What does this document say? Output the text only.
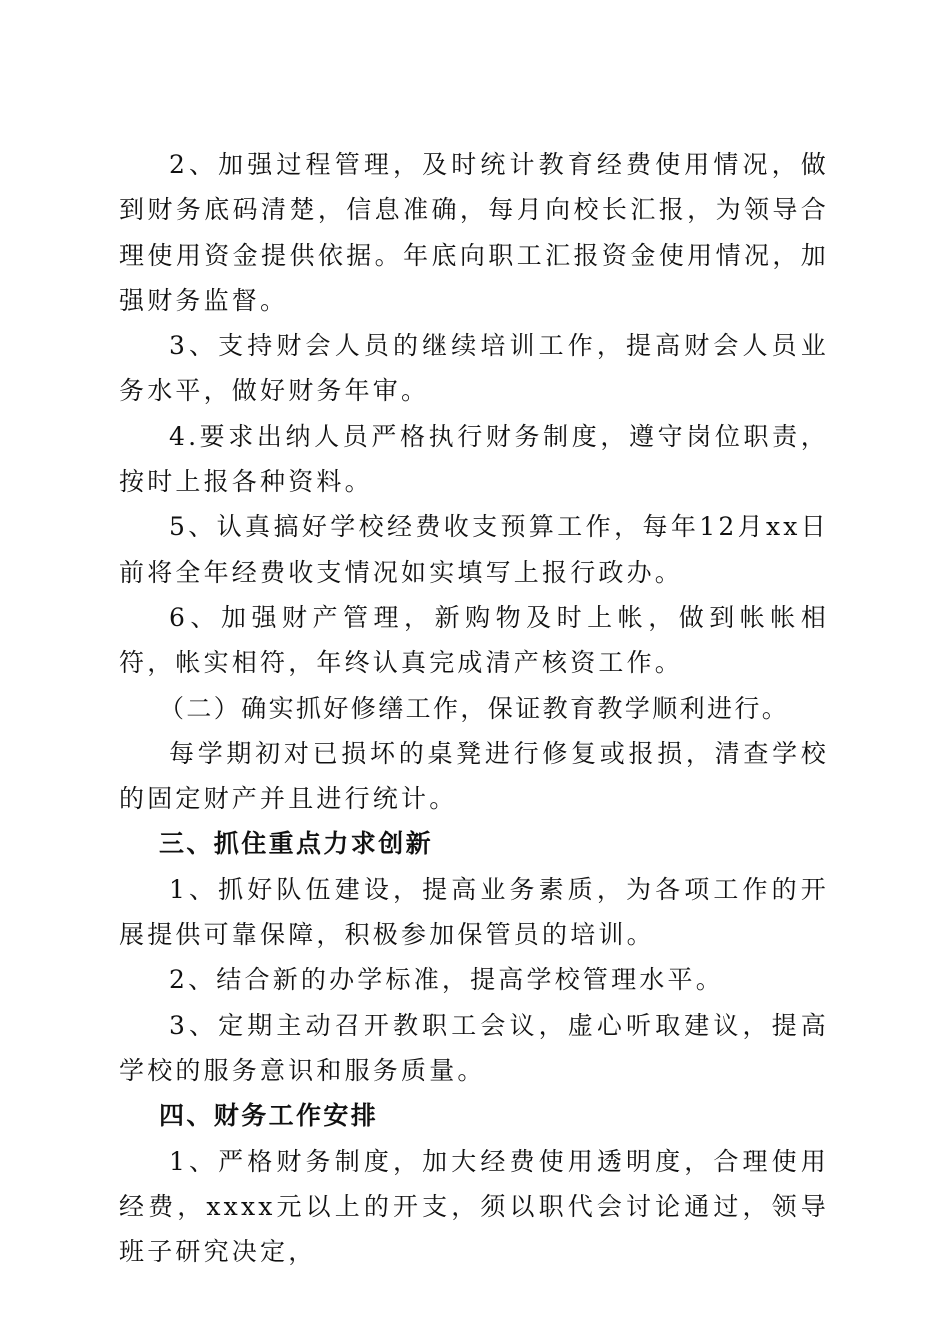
2、加强过程管理，及时统计教育经费使用情况，做到财务底码清楚，信息准确，每月向校长汇报，为领导合理使用资金提供依据。年底向职工汇报资金使用情况，加强财务监督。

3、支持财会人员的继续培训工作，提高财会人员业务水平，做好财务年审。

4.要求出纳人员严格执行财务制度，遵守岗位职责，按时上报各种资料。

5、认真搞好学校经费收支预算工作，每年12月xx日前将全年经费收支情况如实填写上报行政办。

6、加强财产管理，新购物及时上帐，做到帐帐相符，帐实相符，年终认真完成清产核资工作。

（二）确实抓好修缮工作，保证教育教学顺利进行。

每学期初对已损坏的桌凳进行修复或报损，清查学校的固定财产并且进行统计。

三、抓住重点力求创新

1、抓好队伍建设，提高业务素质，为各项工作的开展提供可靠保障，积极参加保管员的培训。

2、结合新的办学标准，提高学校管理水平。

3、定期主动召开教职工会议，虚心听取建议，提高学校的服务意识和服务质量。

四、财务工作安排

1、严格财务制度，加大经费使用透明度，合理使用经费，xxxx元以上的开支，须以职代会讨论通过，领导班子研究决定，
